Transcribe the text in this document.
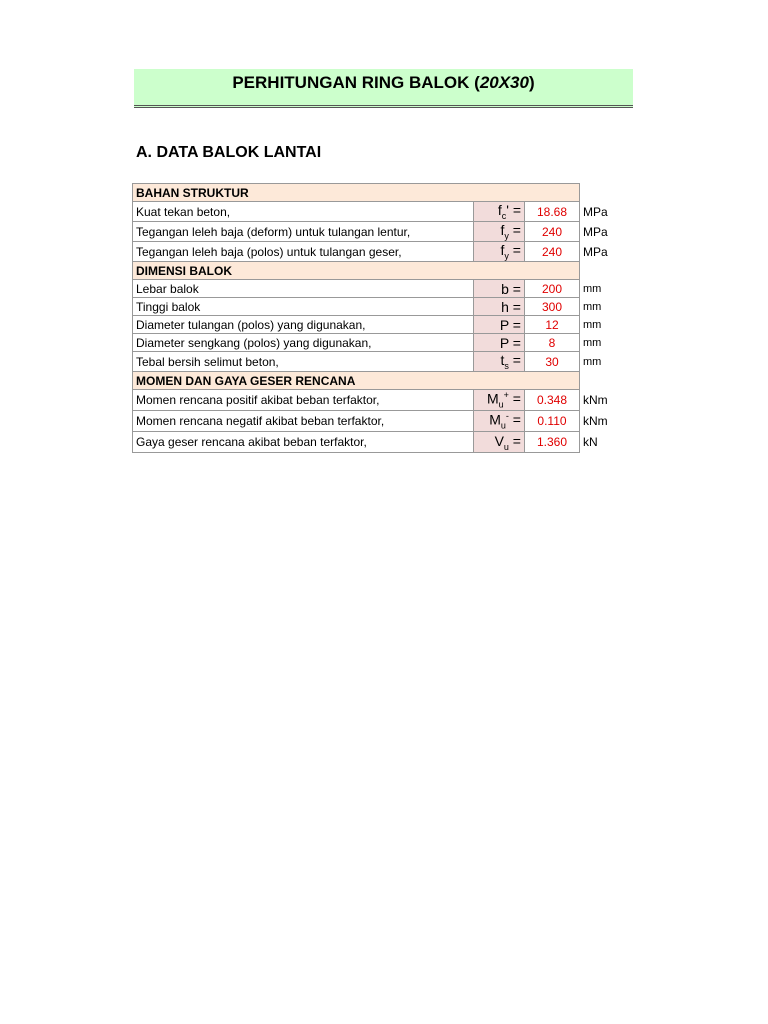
PERHITUNGAN RING BALOK (20X30)
A. DATA BALOK LANTAI
BAHAN STRUKTUR			
Kuat tekan beton,	$f_c'$ =	18.68	MPa
Tegangan leleh baja (deform) untuk tulangan lentur,	$f_y$ =	240	MPa
Tegangan leleh baja (polos) untuk tulangan geser,	$f_y$ =	240	MPa
DIMENSI BALOK			
Lebar balok	b =	200	mm
Tinggi balok	h =	300	mm
Diameter tulangan (polos) yang digunakan,	P =	12	mm
Diameter sengkang (polos) yang digunakan,	P =	8	mm
Tebal bersih selimut beton,	$t_s$ =	30	mm
MOMEN DAN GAYA GESER RENCANA			
Momen rencana positif akibat beban terfaktor,	$M_u^+$ =	0.348	kNm
Momen rencana negatif akibat beban terfaktor,	$M_u^-$ =	0.110	kNm
Gaya geser rencana akibat beban terfaktor,	$V_u$ =	1.360	kN
